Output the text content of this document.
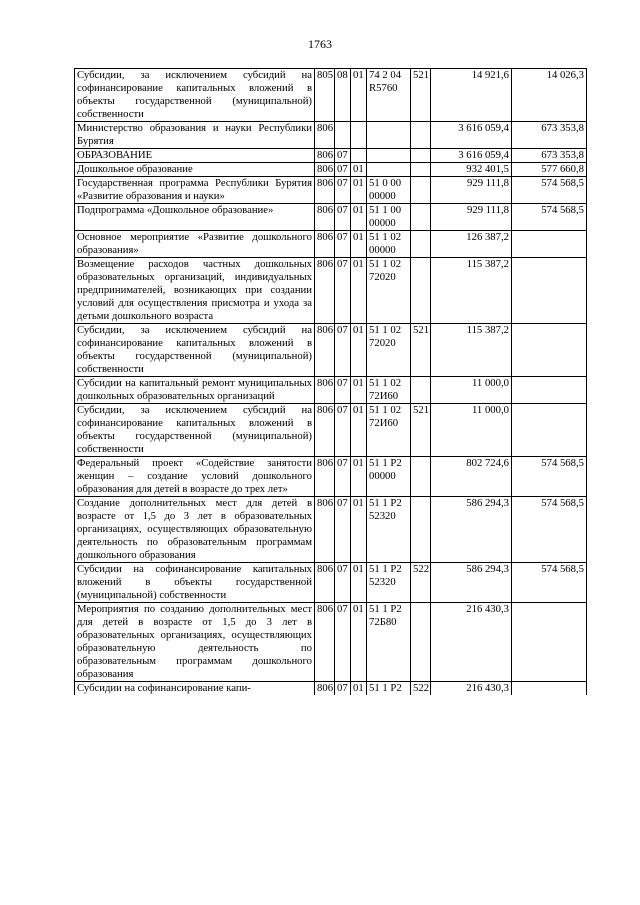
1763
Субсидии, за исключением субсидий на софинансирование капитальных вложений в объекты государственной (муниципальной) собственности	805	08	01	74 2 04
R5760	521	14 921,6	14 026,3
Министерство образования и науки Республики Бурятия	806					3 616 059,4	673 353,8
ОБРАЗОВАНИЕ	806	07				3 616 059,4	673 353,8
Дошкольное образование	806	07	01			932 401,5	577 660,8
Государственная программа Республики Бурятия «Развитие образования и науки»	806	07	01	51 0 00
00000		929 111,8	574 568,5
Подпрограмма «Дошкольное образование»	806	07	01	51 1 00
00000		929 111,8	574 568,5
Основное мероприятие «Развитие дошкольного образования»	806	07	01	51 1 02
00000		126 387,2	
Возмещение расходов частных дошкольных образовательных организаций, индивидуальных предпринимателей, возникающих при создании условий для осуществления присмотра и ухода за детьми дошкольного возраста	806	07	01	51 1 02
72020		115 387,2	
Субсидии, за исключением субсидий на софинансирование капитальных вложений в объекты государственной (муниципальной) собственности	806	07	01	51 1 02
72020	521	115 387,2	
Субсидии на капитальный ремонт муниципальных дошкольных образовательных организаций	806	07	01	51 1 02
72И60		11 000,0	
Субсидии, за исключением субсидий на софинансирование капитальных вложений в объекты государственной (муниципальной) собственности	806	07	01	51 1 02
72И60	521	11 000,0	
Федеральный проект «Содействие занятости женщин – создание условий дошкольного образования для детей в возрасте до трех лет»	806	07	01	51 1 P2
00000		802 724,6	574 568,5
Создание дополнительных мест для детей в возрасте от 1,5 до 3 лет в образовательных организациях, осуществляющих образовательную деятельность по образовательным программам дошкольного образования	806	07	01	51 1 P2
52320		586 294,3	574 568,5
Субсидии на софинансирование капитальных вложений в объекты государственной (муниципальной) собственности	806	07	01	51 1 P2
52320	522	586 294,3	574 568,5
Мероприятия по созданию дополнительных мест для детей в возрасте от 1,5 до 3 лет в образовательных организациях, осуществляющих образовательную деятельность по образовательным программам дошкольного образования	806	07	01	51 1 P2
72Б80		216 430,3	
Субсидии на софинансирование капи-	806	07	01	51 1 P2	522	216 430,3	
